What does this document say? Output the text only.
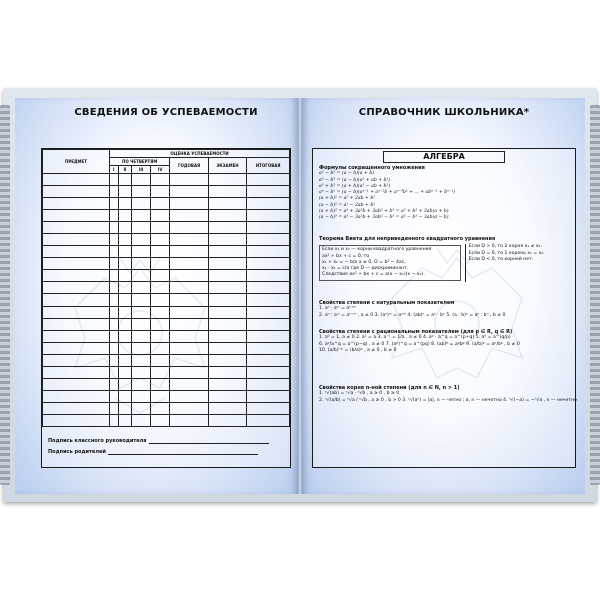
СВЕДЕНИЯ ОБ УСПЕВАЕМОСТИ
ПРЕДМЕТ	ОЦЕНКА УСПЕВАЕМОСТИ						
	ПО ЧЕТВЕРТЯМ				ГОДОВАЯ	ЭКЗАМЕН	ИТОГОВАЯ
	I	II	III	IV			

Подпись классного руководителя
Подпись родителей
СПРАВОЧНИК ШКОЛЬНИКА*
АЛГЕБРА
Формулы сокращенного умножения
a² − b² = (a − b)(a + b)
a³ − b³ = (a − b)(a² + ab + b²)
a³ + b³ = (a + b)(a² − ab + b²)
aⁿ − bⁿ = (a − b)(aⁿ⁻¹ + aⁿ⁻²b + aⁿ⁻³b² + ... + abⁿ⁻² + bⁿ⁻¹)
(a + b)² = a² + 2ab + b²
(a − b)² = a² − 2ab + b²
(a + b)³ = a³ + 3a²b + 3ab² + b³ = a³ + b³ + 3ab(a + b)
(a − b)³ = a³ − 3a²b + 3ab² − b³ = a³ − b³ − 3ab(a − b)
Теорема Виета для неприведенного квадратного уравнения
Если x₁ и x₂ — корни квадратного уравнения
ax² + bx + c = 0, то
x₁ + x₂ = − b/a a ≠ 0, D = b² − 4ac,
x₁ · x₂ = c/a где D — дискриминант.
Следствие ax² + bx + c = a(x − x₁)(x − x₂).
Если D > 0, то 2 корня x₁ ≠ x₂.
Если D = 0, то 1 корень x₁ = x₂.
Если D < 0, то корней нет.
Свойства степени с натуральным показателем
1. aⁿ · aᵐ = aⁿ⁺ᵐ
2. aⁿ : aᵐ = aⁿ⁻ᵐ , a ≠ 0 3. (aⁿ)ᵐ = aⁿᵐ 4. (ab)ⁿ = aⁿ · bⁿ 5. (a : b)ⁿ = aⁿ : bⁿ , b ≠ 0
Свойства степени с рациональным показателем (для p ∈ R, q ∈ R)
1. a⁰ = 1, a ≠ 0 2. a¹ = a 3. a⁻¹ = 1/a , a ≠ 0 4. aᵖ · a^q = a^(p+q) 5. a⁰ = a^(q/p)
6. aᵖ/a^q = a^(p−q) , a ≠ 0 7. (aᵖ)^q = a^(pq) 8. (ab)ᵖ = aᵖbᵖ 9. (a/b)ᵖ = aᵖ/bᵖ , b ≠ 0
10. (a/b)⁻ᵖ = (b/a)ᵖ , a ≠ 0 , b ≠ 0
Свойства корня n-ной степени (для n ∈ N, n > 1)
1. ⁿ√(ab) = ⁿ√a · ⁿ√b , a ≥ 0 , b ≥ 0
2. ⁿ√(a/b) = ⁿ√a / ⁿ√b , a ≥ 0 , b > 0 3. ⁿ√(aⁿ) = |a|, n — четно ; a, n — нечетно 4. ⁿ√(−a) = −ⁿ√a , n — нечетно
